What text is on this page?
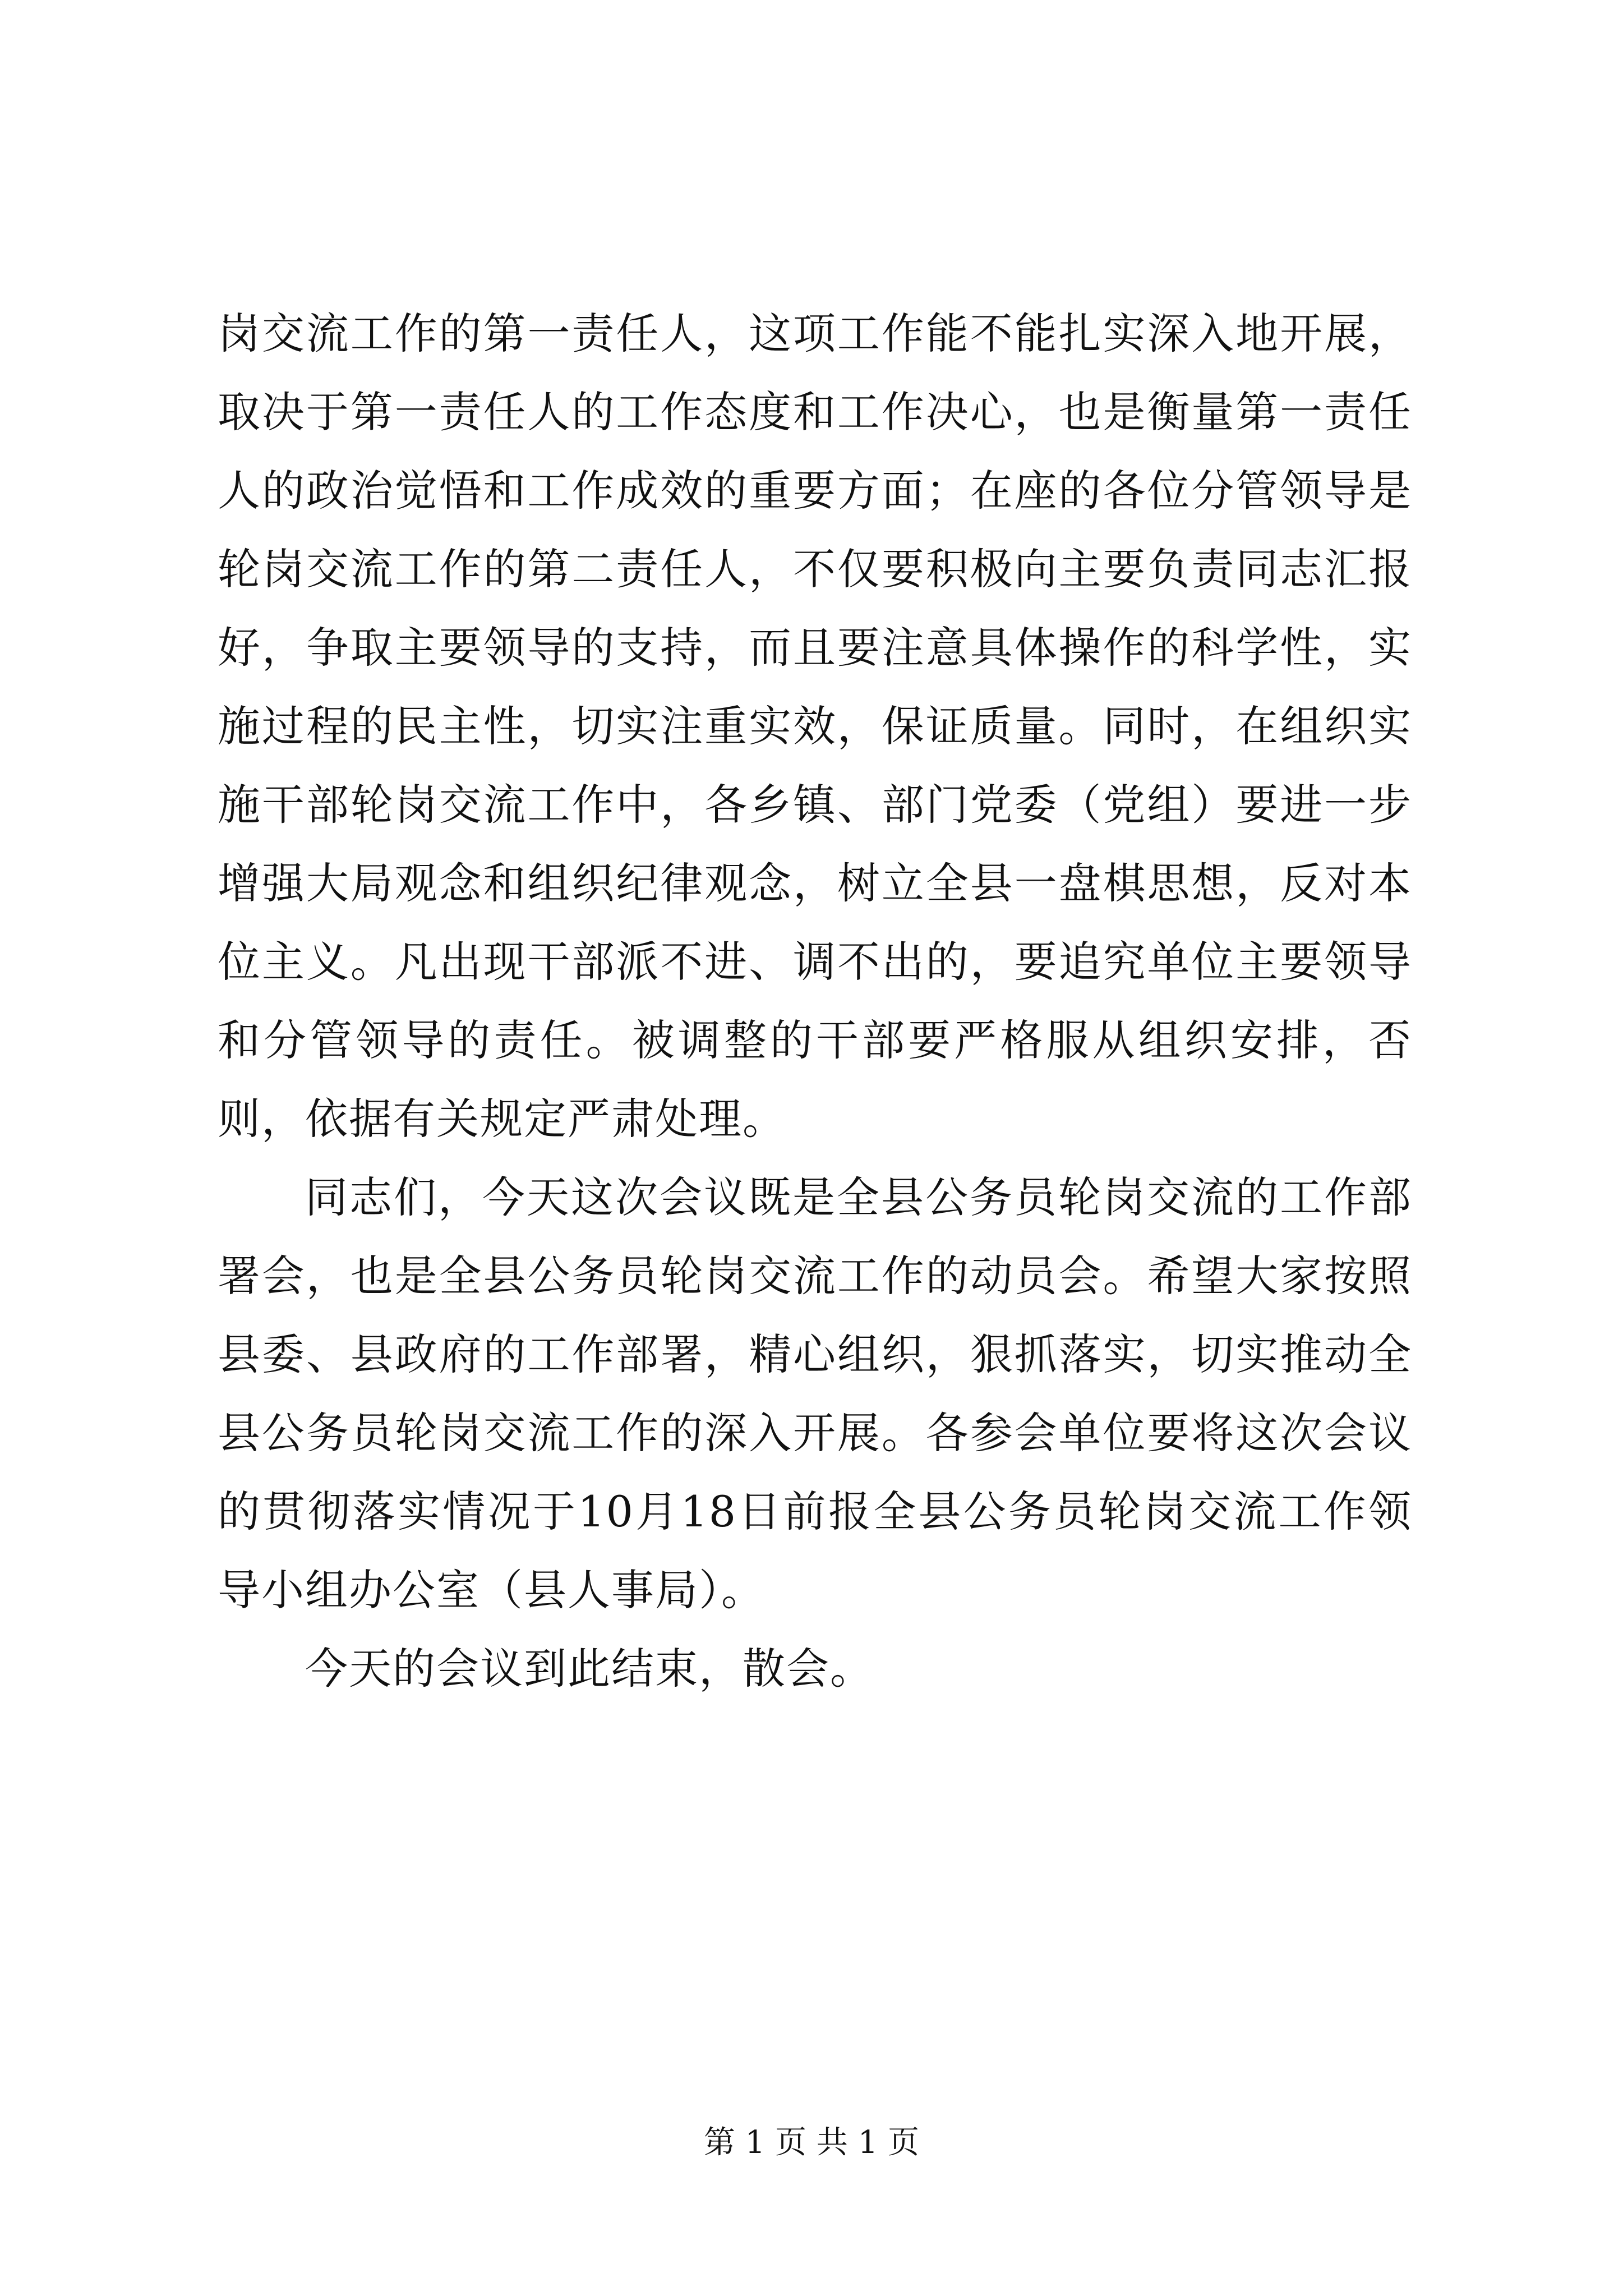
岗交流工作的第一责任人，这项工作能不能扎实深入地开展，取决于第一责任人的工作态度和工作决心，也是衡量第一责任人的政治觉悟和工作成效的重要方面；在座的各位分管领导是轮岗交流工作的第二责任人，不仅要积极向主要负责同志汇报好，争取主要领导的支持，而且要注意具体操作的科学性，实施过程的民主性，切实注重实效，保证质量。同时，在组织实施干部轮岗交流工作中，各乡镇、部门党委（党组）要进一步增强大局观念和组织纪律观念，树立全县一盘棋思想，反对本位主义。凡出现干部派不进、调不出的，要追究单位主要领导和分管领导的责任。被调整的干部要严格服从组织安排，否则，依据有关规定严肃处理。

同志们，今天这次会议既是全县公务员轮岗交流的工作部署会，也是全县公务员轮岗交流工作的动员会。希望大家按照县委、县政府的工作部署，精心组织，狠抓落实，切实推动全县公务员轮岗交流工作的深入开展。各参会单位要将这次会议的贯彻落实情况于10月18日前报全县公务员轮岗交流工作领导小组办公室（县人事局）。

今天的会议到此结束，散会。

第 1 页 共 1 页
